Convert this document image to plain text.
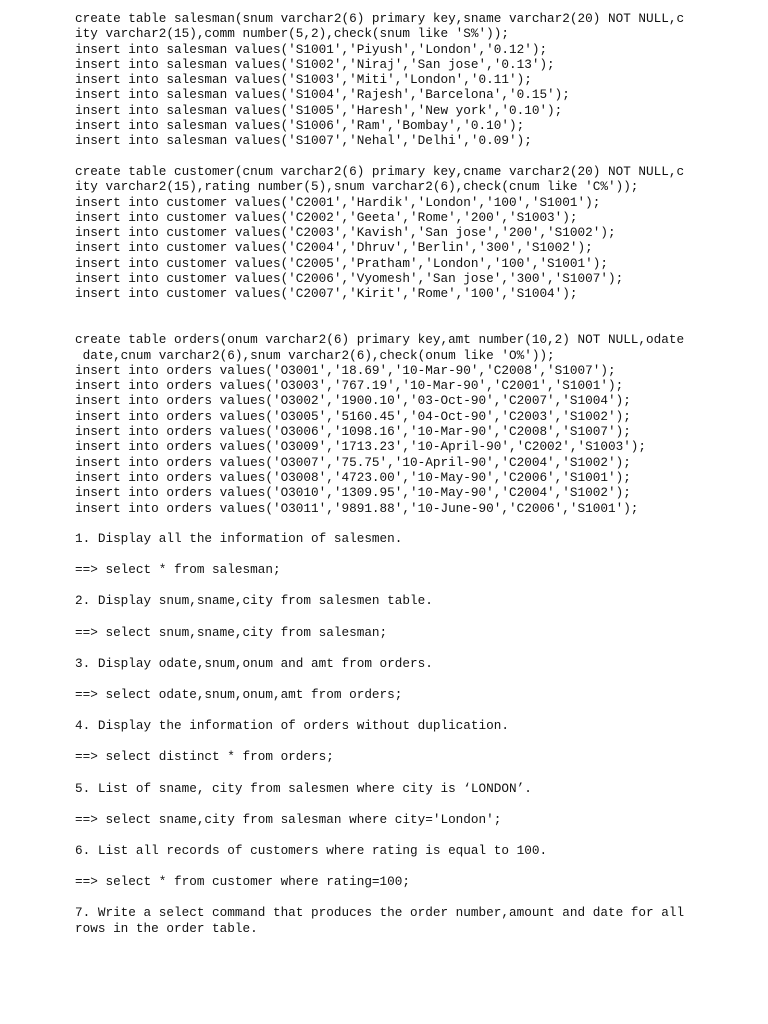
create table salesman(snum varchar2(6) primary key,sname varchar2(20) NOT NULL,c
ity varchar2(15),comm number(5,2),check(snum like 'S%'));
insert into salesman values('S1001','Piyush','London','0.12');
insert into salesman values('S1002','Niraj','San jose','0.13');
insert into salesman values('S1003','Miti','London','0.11');
insert into salesman values('S1004','Rajesh','Barcelona','0.15');
insert into salesman values('S1005','Haresh','New york','0.10');
insert into salesman values('S1006','Ram','Bombay','0.10');
insert into salesman values('S1007','Nehal','Delhi','0.09');
create table customer(cnum varchar2(6) primary key,cname varchar2(20) NOT NULL,c
ity varchar2(15),rating number(5),snum varchar2(6),check(cnum like 'C%'));
insert into customer values('C2001','Hardik','London','100','S1001');
insert into customer values('C2002','Geeta','Rome','200','S1003');
insert into customer values('C2003','Kavish','San jose','200','S1002');
insert into customer values('C2004','Dhruv','Berlin','300','S1002');
insert into customer values('C2005','Pratham','London','100','S1001');
insert into customer values('C2006','Vyomesh','San jose','300','S1007');
insert into customer values('C2007','Kirit','Rome','100','S1004');
create table orders(onum varchar2(6) primary key,amt number(10,2) NOT NULL,odate
date,cnum varchar2(6),snum varchar2(6),check(onum like 'O%'));
insert into orders values('O3001','18.69','10-Mar-90','C2008','S1007');
insert into orders values('O3003','767.19','10-Mar-90','C2001','S1001');
insert into orders values('O3002','1900.10','03-Oct-90','C2007','S1004');
insert into orders values('O3005','5160.45','04-Oct-90','C2003','S1002');
insert into orders values('O3006','1098.16','10-Mar-90','C2008','S1007');
insert into orders values('O3009','1713.23','10-April-90','C2002','S1003');
insert into orders values('O3007','75.75','10-April-90','C2004','S1002');
insert into orders values('O3008','4723.00','10-May-90','C2006','S1001');
insert into orders values('O3010','1309.95','10-May-90','C2004','S1002');
insert into orders values('O3011','9891.88','10-June-90','C2006','S1001');
1. Display all the information of salesmen.
==> select * from salesman;
2. Display snum,sname,city from salesmen table.
==> select snum,sname,city from salesman;
3. Display odate,snum,onum and amt from orders.
==> select odate,snum,onum,amt from orders;
4. Display the information of orders without duplication.
==> select distinct * from orders;
5. List of sname, city from salesmen where city is ‘LONDON’.
==> select sname,city from salesman where city='London';
6. List all records of customers where rating is equal to 100.
==> select * from customer where rating=100;
7. Write a select command that produces the order number,amount and date for all
rows in the order table.
